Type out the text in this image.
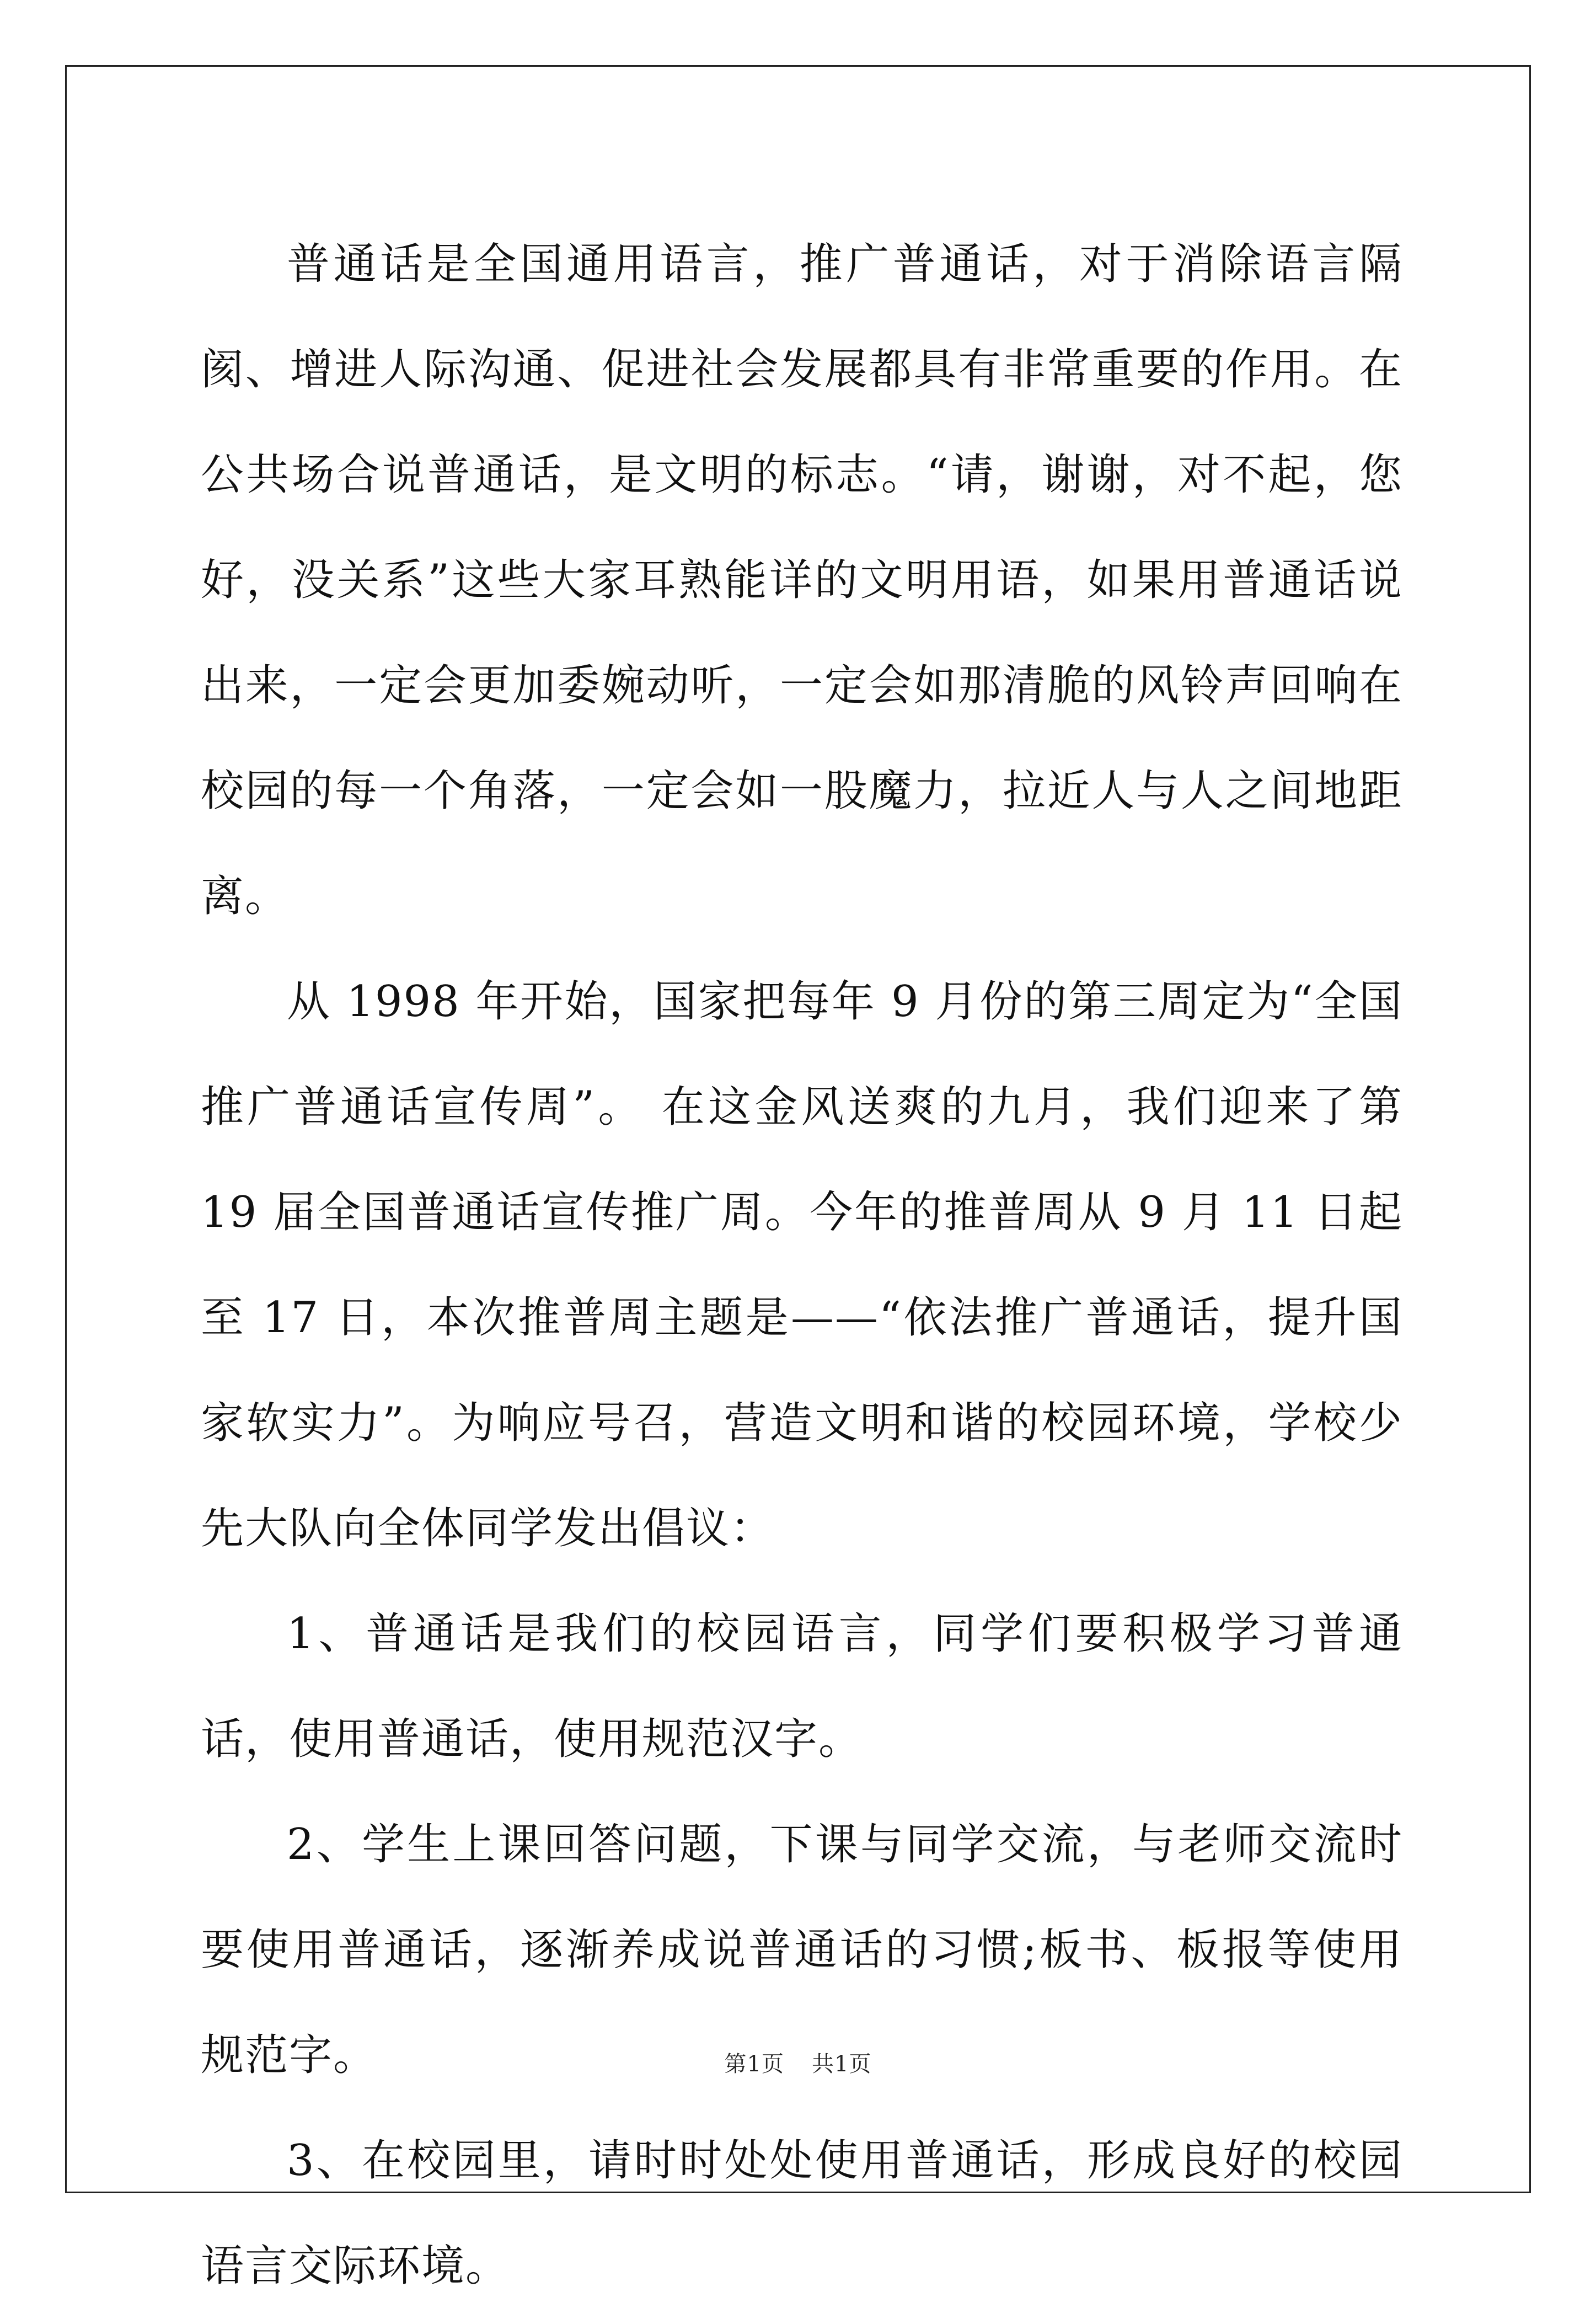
普通话是全国通用语言，推广普通话，对于消除语言隔阂、增进人际沟通、促进社会发展都具有非常重要的作用。在公共场合说普通话，是文明的标志。“请，谢谢，对不起，您好，没关系”这些大家耳熟能详的文明用语，如果用普通话说出来，一定会更加委婉动听，一定会如那清脆的风铃声回响在校园的每一个角落，一定会如一股魔力，拉近人与人之间地距离。

从 1998 年开始，国家把每年 9 月份的第三周定为“全国推广普通话宣传周”。 在这金风送爽的九月，我们迎来了第 19 届全国普通话宣传推广周。今年的推普周从 9 月 11 日起至 17 日，本次推普周主题是——“依法推广普通话，提升国家软实力”。为响应号召，营造文明和谐的校园环境，学校少先大队向全体同学发出倡议：

1、普通话是我们的校园语言，同学们要积极学习普通话，使用普通话，使用规范汉字。

2、学生上课回答问题，下课与同学交流，与老师交流时要使用普通话，逐渐养成说普通话的习惯;板书、板报等使用规范字。

3、在校园里，请时时处处使用普通话，形成良好的校园语言交际环境。

第1页 共1页
